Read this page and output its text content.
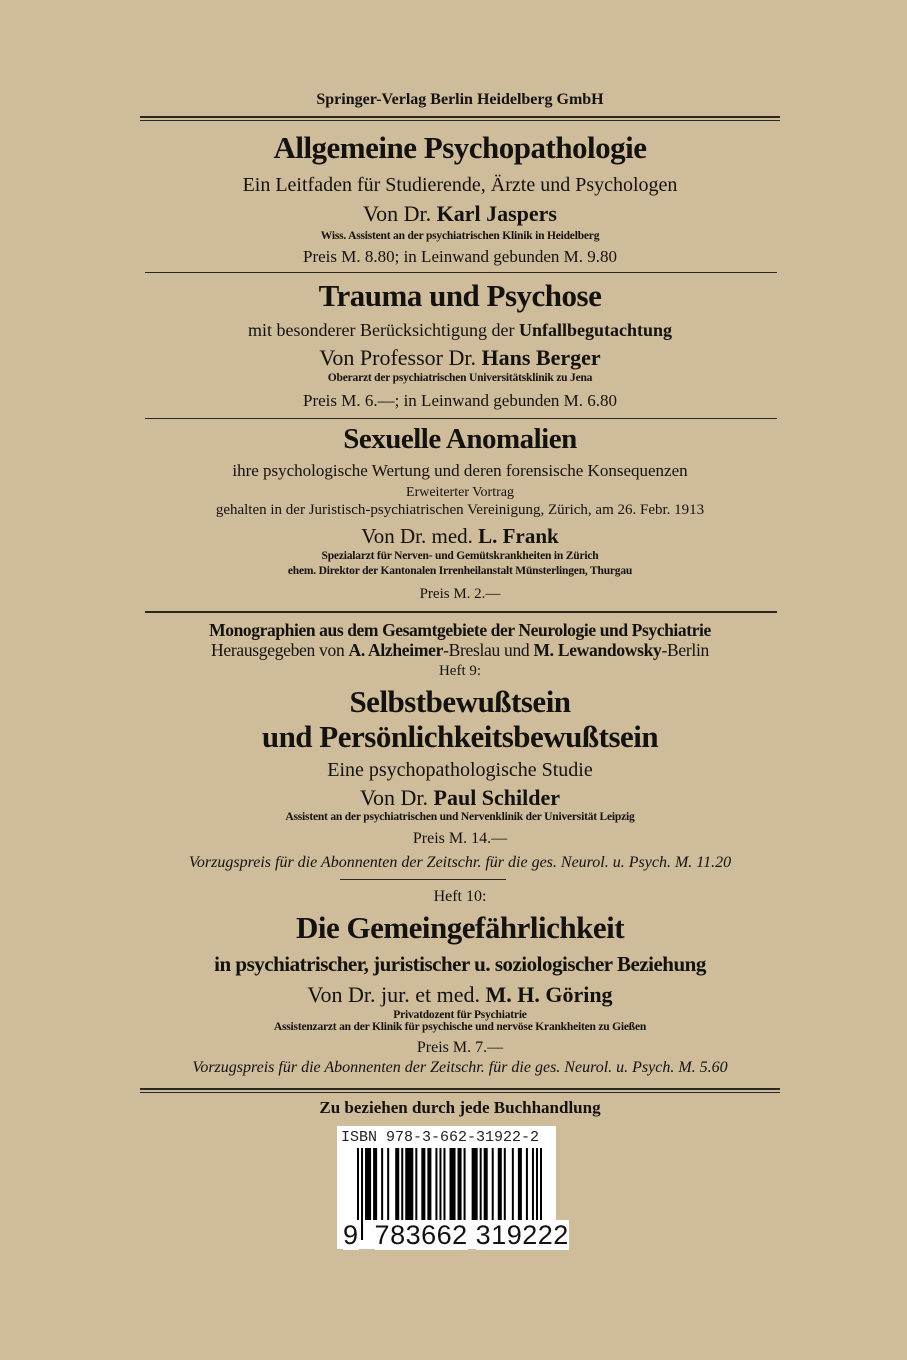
Springer-Verlag Berlin Heidelberg GmbH
Allgemeine Psychopathologie
Ein Leitfaden für Studierende, Ärzte und Psychologen
Von Dr. Karl Jaspers
Wiss. Assistent an der psychiatrischen Klinik in Heidelberg
Preis M. 8.80; in Leinwand gebunden M. 9.80
Trauma und Psychose
mit besonderer Berücksichtigung der Unfallbegutachtung
Von Professor Dr. Hans Berger
Oberarzt der psychiatrischen Universitätsklinik zu Jena
Preis M. 6.—; in Leinwand gebunden M. 6.80
Sexuelle Anomalien
ihre psychologische Wertung und deren forensische Konsequenzen
Erweiterter Vortrag
gehalten in der Juristisch-psychiatrischen Vereinigung, Zürich, am 26. Febr. 1913
Von Dr. med. L. Frank
Spezialarzt für Nerven- und Gemütskrankheiten in Zürich
ehem. Direktor der Kantonalen Irrenheilanstalt Münsterlingen, Thurgau
Preis M. 2.—
Monographien aus dem Gesamtgebiete der Neurologie und Psychiatrie
Herausgegeben von A. Alzheimer-Breslau und M. Lewandowsky-Berlin
Heft 9:
Selbstbewußtsein
und Persönlichkeitsbewußtsein
Eine psychopathologische Studie
Von Dr. Paul Schilder
Assistent an der psychiatrischen und Nervenklinik der Universität Leipzig
Preis M. 14.—
Vorzugspreis für die Abonnenten der Zeitschr. für die ges. Neurol. u. Psych. M. 11.20
Heft 10:
Die Gemeingefährlichkeit
in psychiatrischer, juristischer u. soziologischer Beziehung
Von Dr. jur. et med. M. H. Göring
Privatdozent für Psychiatrie
Assistenzarzt an der Klinik für psychische und nervöse Krankheiten zu Gießen
Preis M. 7.—
Vorzugspreis für die Abonnenten der Zeitschr. für die ges. Neurol. u. Psych. M. 5.60
Zu beziehen durch jede Buchhandlung
ISBN 978-3-662-31922-2
9 783662 319222
